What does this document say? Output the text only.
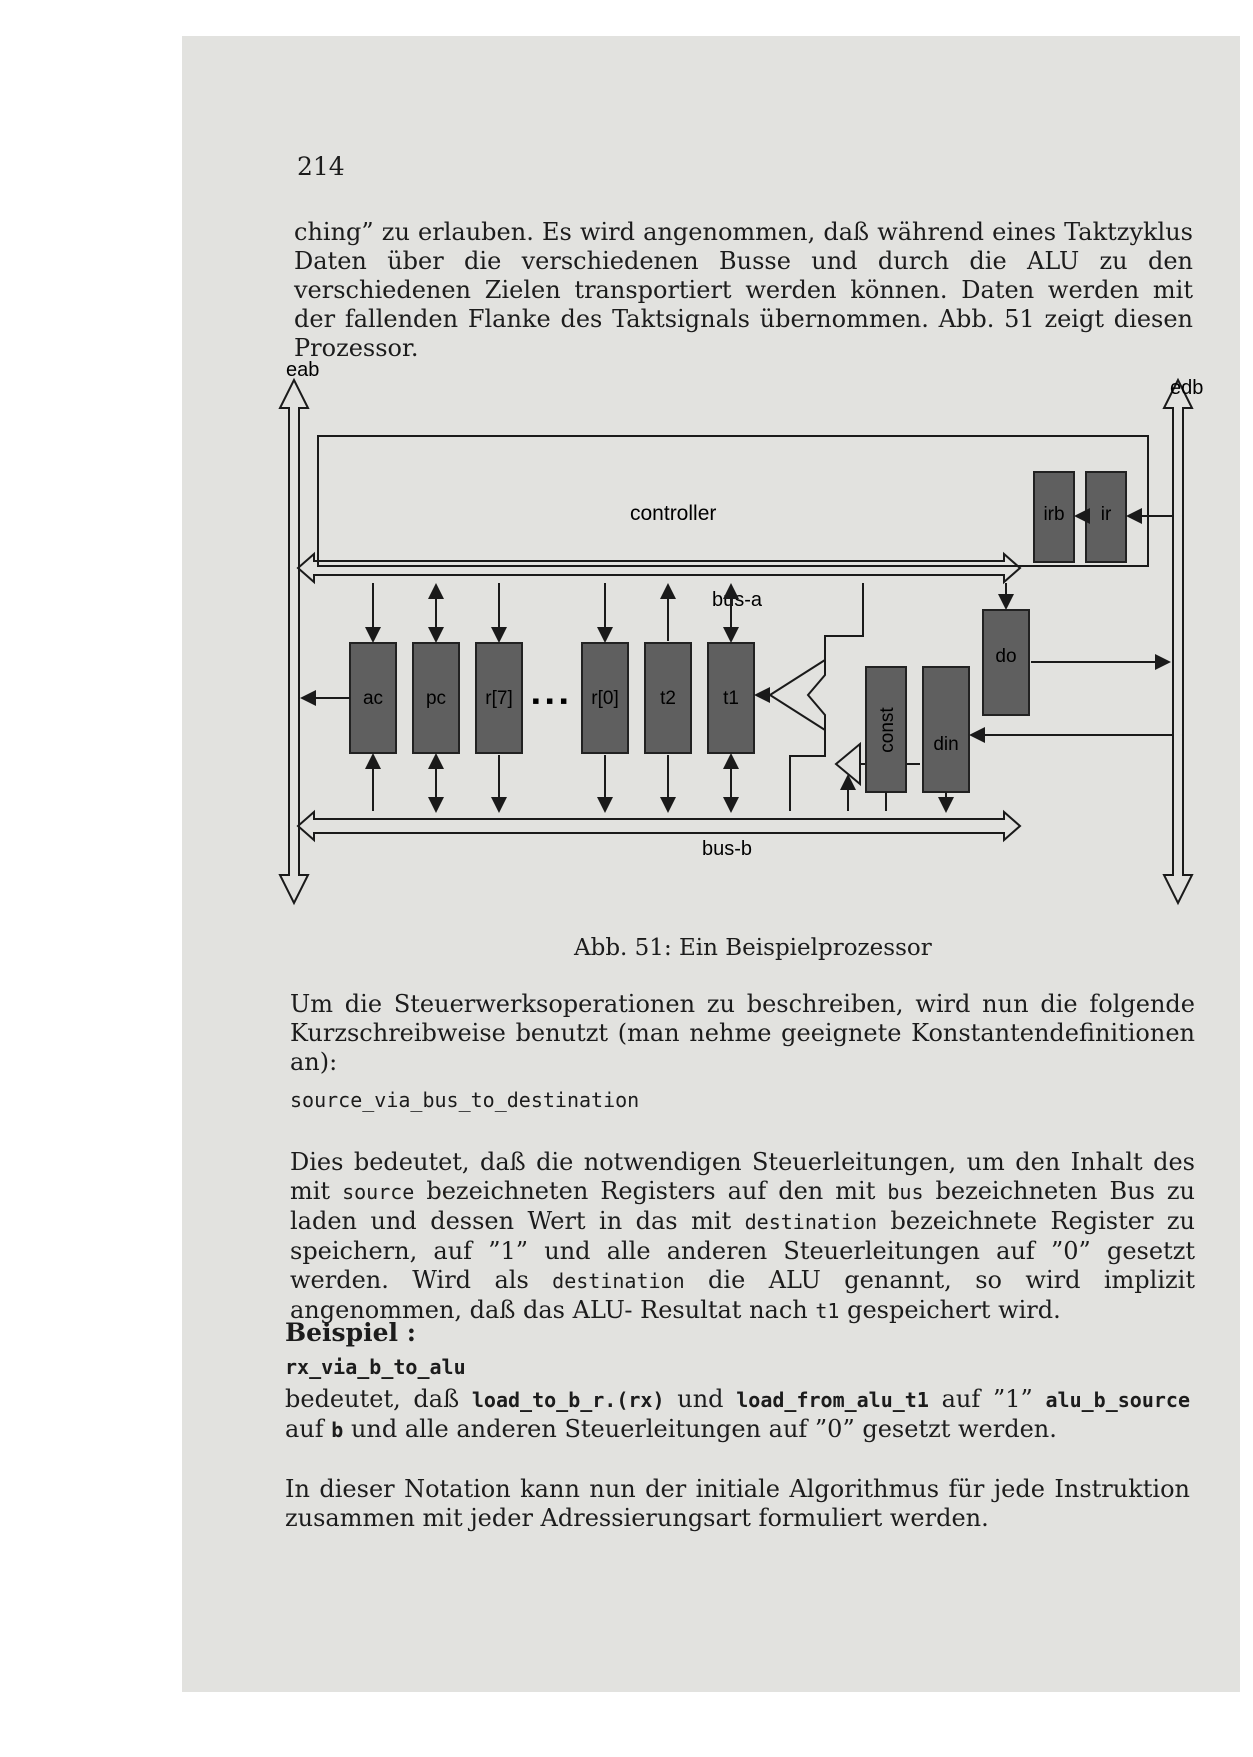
214

ching” zu erlauben. Es wird angenommen, daß während eines Taktzyklus Daten über die verschiedenen Busse und durch die ALU zu den verschiedenen Zielen transportiert werden können. Daten werden mit der fallenden Flanke des Taktsignals übernommen. Abb. 51 zeigt diesen Prozessor.

eab
edb
controller	irb ir
bus-a
bus-b
ac pc r[7] ▪ ▪ ▪ r[0] t2 t1
const din
do
Abb. 51: Ein Beispielprozessor

Um die Steuerwerksoperationen zu beschreiben, wird nun die folgende Kurzschreibweise benutzt (man nehme geeignete Konstantendefinitionen an):

source_via_bus_to_destination

Dies bedeutet, daß die notwendigen Steuerleitungen, um den Inhalt des mit source bezeichneten Registers auf den mit bus bezeichneten Bus zu laden und dessen Wert in das mit destination bezeichnete Register zu speichern, auf ”1” und alle anderen Steuerleitungen auf ”0” gesetzt werden. Wird als destination die ALU genannt, so wird implizit angenommen, daß das ALU- Resultat nach t1 gespeichert wird.

Beispiel :
rx_via_b_to_alu

bedeutet, daß load_to_b_r.(rx) und load_from_alu_t1 auf ”1” alu_b_source auf b und alle anderen Steuerleitungen auf ”0” gesetzt werden.

In dieser Notation kann nun der initiale Algorithmus für jede Instruktion zusammen mit jeder Adressierungsart formuliert werden.
